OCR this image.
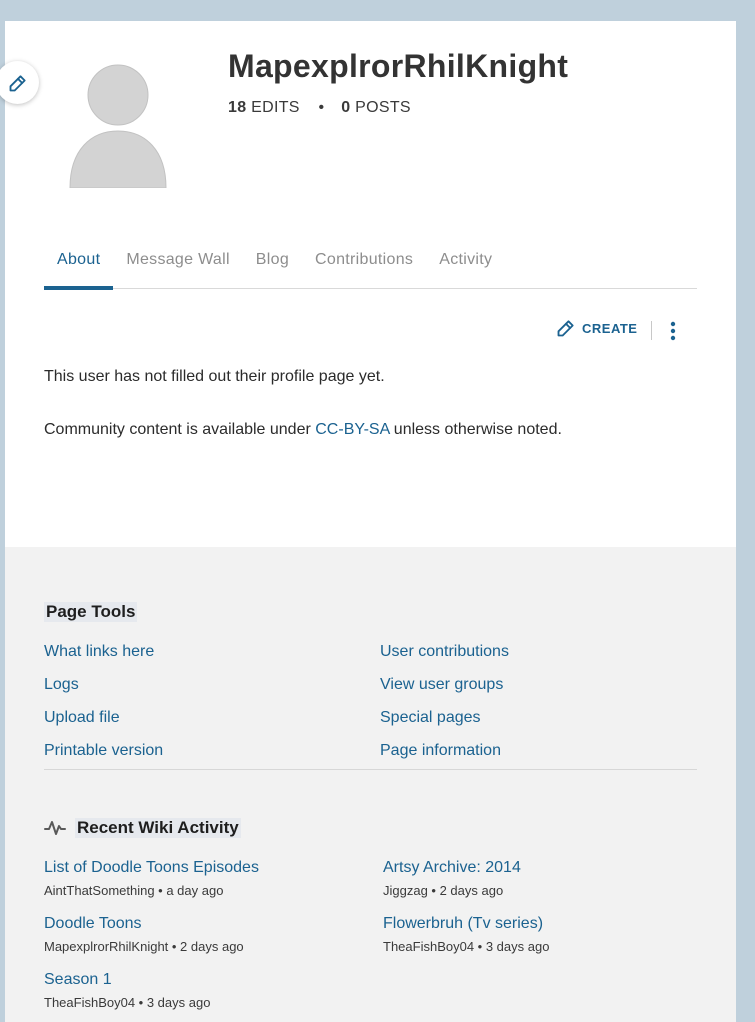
MapexplrorRhilKnight
18 EDITS • 0 POSTS
About	Message Wall	Blog	Contributions	Activity
CREATE
This user has not filled out their profile page yet.
Community content is available under CC-BY-SA unless otherwise noted.
Page Tools
What links here
Logs
Upload file
Printable version
User contributions
View user groups
Special pages
Page information
Recent Wiki Activity
List of Doodle Toons Episodes
AintThatSomething • a day ago
Artsy Archive: 2014
Jiggzag • 2 days ago
Doodle Toons
MapexplrorRhilKnight • 2 days ago
Flowerbruh (Tv series)
TheaFishBoy04 • 3 days ago
Season 1
TheaFishBoy04 • 3 days ago
